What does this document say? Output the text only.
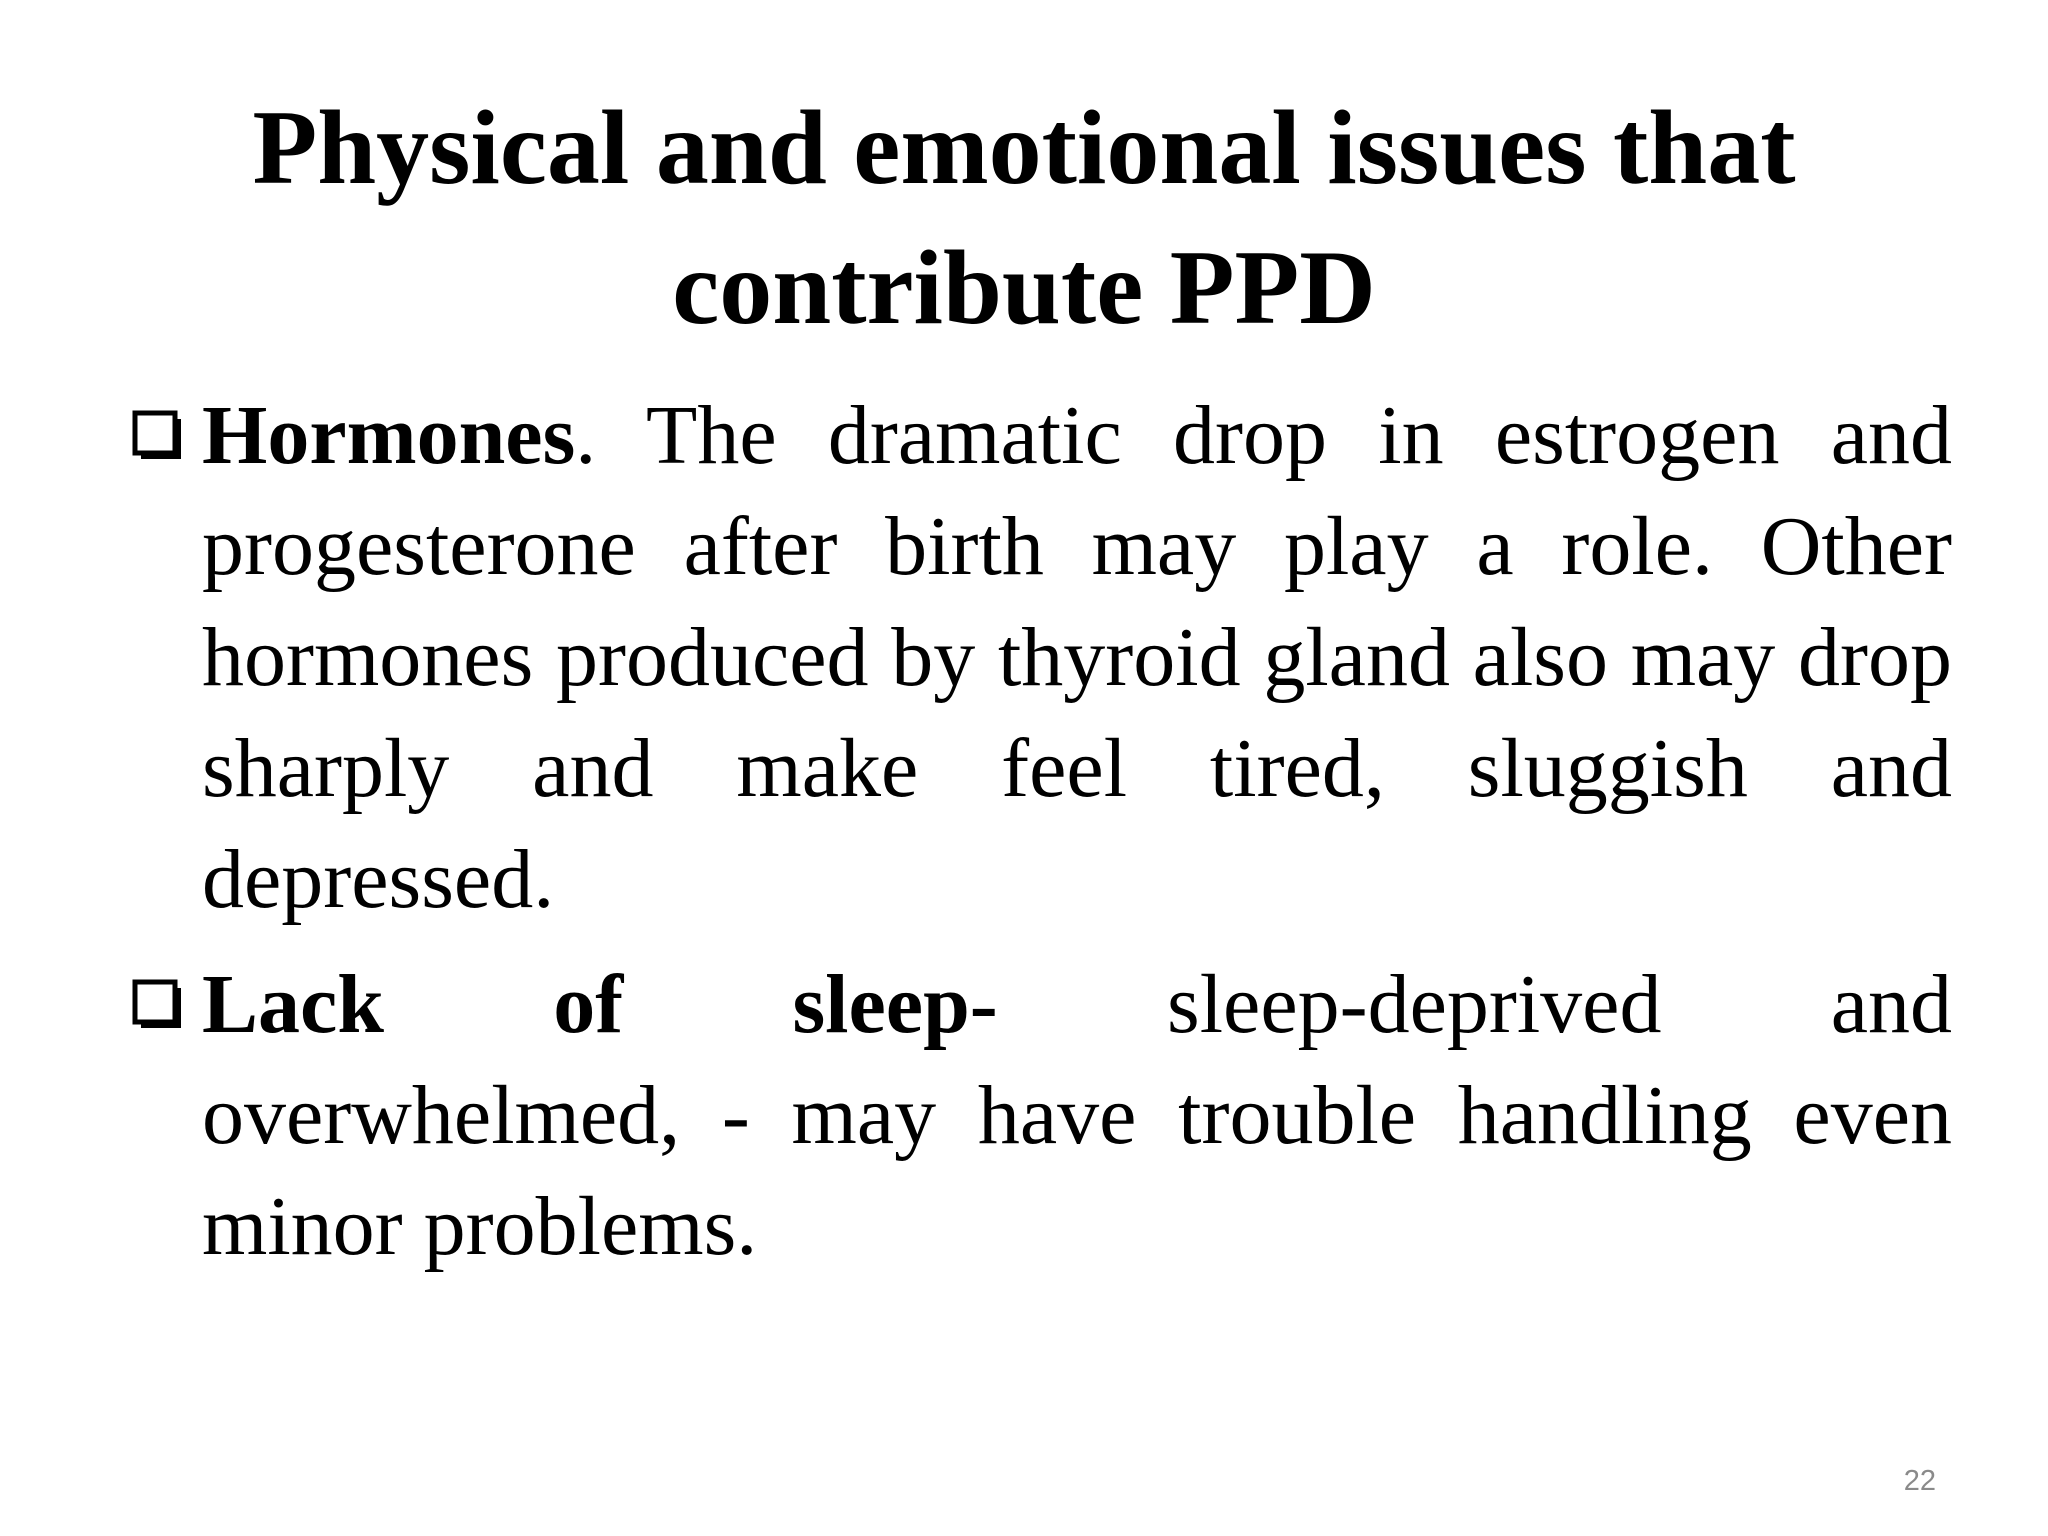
Physical and emotional issues that
contribute PPD
Hormones. The dramatic drop in estrogen and progesterone after birth may play a role. Other hormones produced by thyroid gland also may drop sharply and make feel tired, sluggish and depressed.
Lack of sleep- sleep-deprived and
overwhelmed, - may have trouble handling even minor problems.
22
